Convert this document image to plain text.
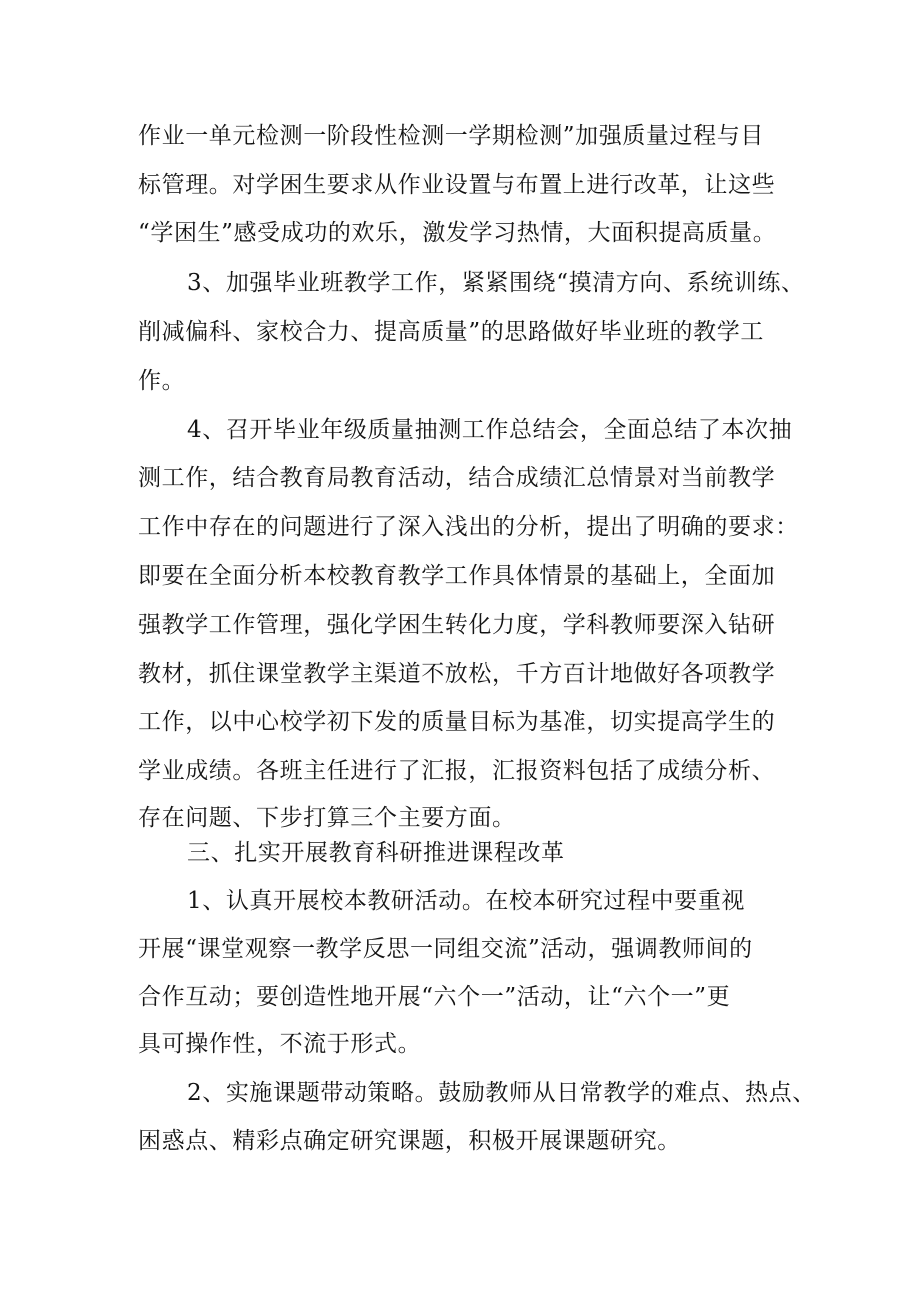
作业一单元检测一阶段性检测一学期检测”加强质量过程与目
标管理。对学困生要求从作业设置与布置上进行改革，让这些
“学困生”感受成功的欢乐，激发学习热情，大面积提高质量。
3、加强毕业班教学工作，紧紧围绕“摸清方向、系统训练、
削减偏科、家校合力、提高质量”的思路做好毕业班的教学工
作。
4、召开毕业年级质量抽测工作总结会，全面总结了本次抽
测工作，结合教育局教育活动，结合成绩汇总情景对当前教学
工作中存在的问题进行了深入浅出的分析，提出了明确的要求：
即要在全面分析本校教育教学工作具体情景的基础上，全面加
强教学工作管理，强化学困生转化力度，学科教师要深入钻研
教材，抓住课堂教学主渠道不放松，千方百计地做好各项教学
工作，以中心校学初下发的质量目标为基准，切实提高学生的
学业成绩。各班主任进行了汇报，汇报资料包括了成绩分析、
存在问题、下步打算三个主要方面。
三、扎实开展教育科研推进课程改革
1、认真开展校本教研活动。在校本研究过程中要重视
开展“课堂观察一教学反思一同组交流”活动，强调教师间的
合作互动；要创造性地开展“六个一”活动，让“六个一”更
具可操作性，不流于形式。
2、实施课题带动策略。鼓励教师从日常教学的难点、热点、
困惑点、精彩点确定研究课题，积极开展课题研究。
